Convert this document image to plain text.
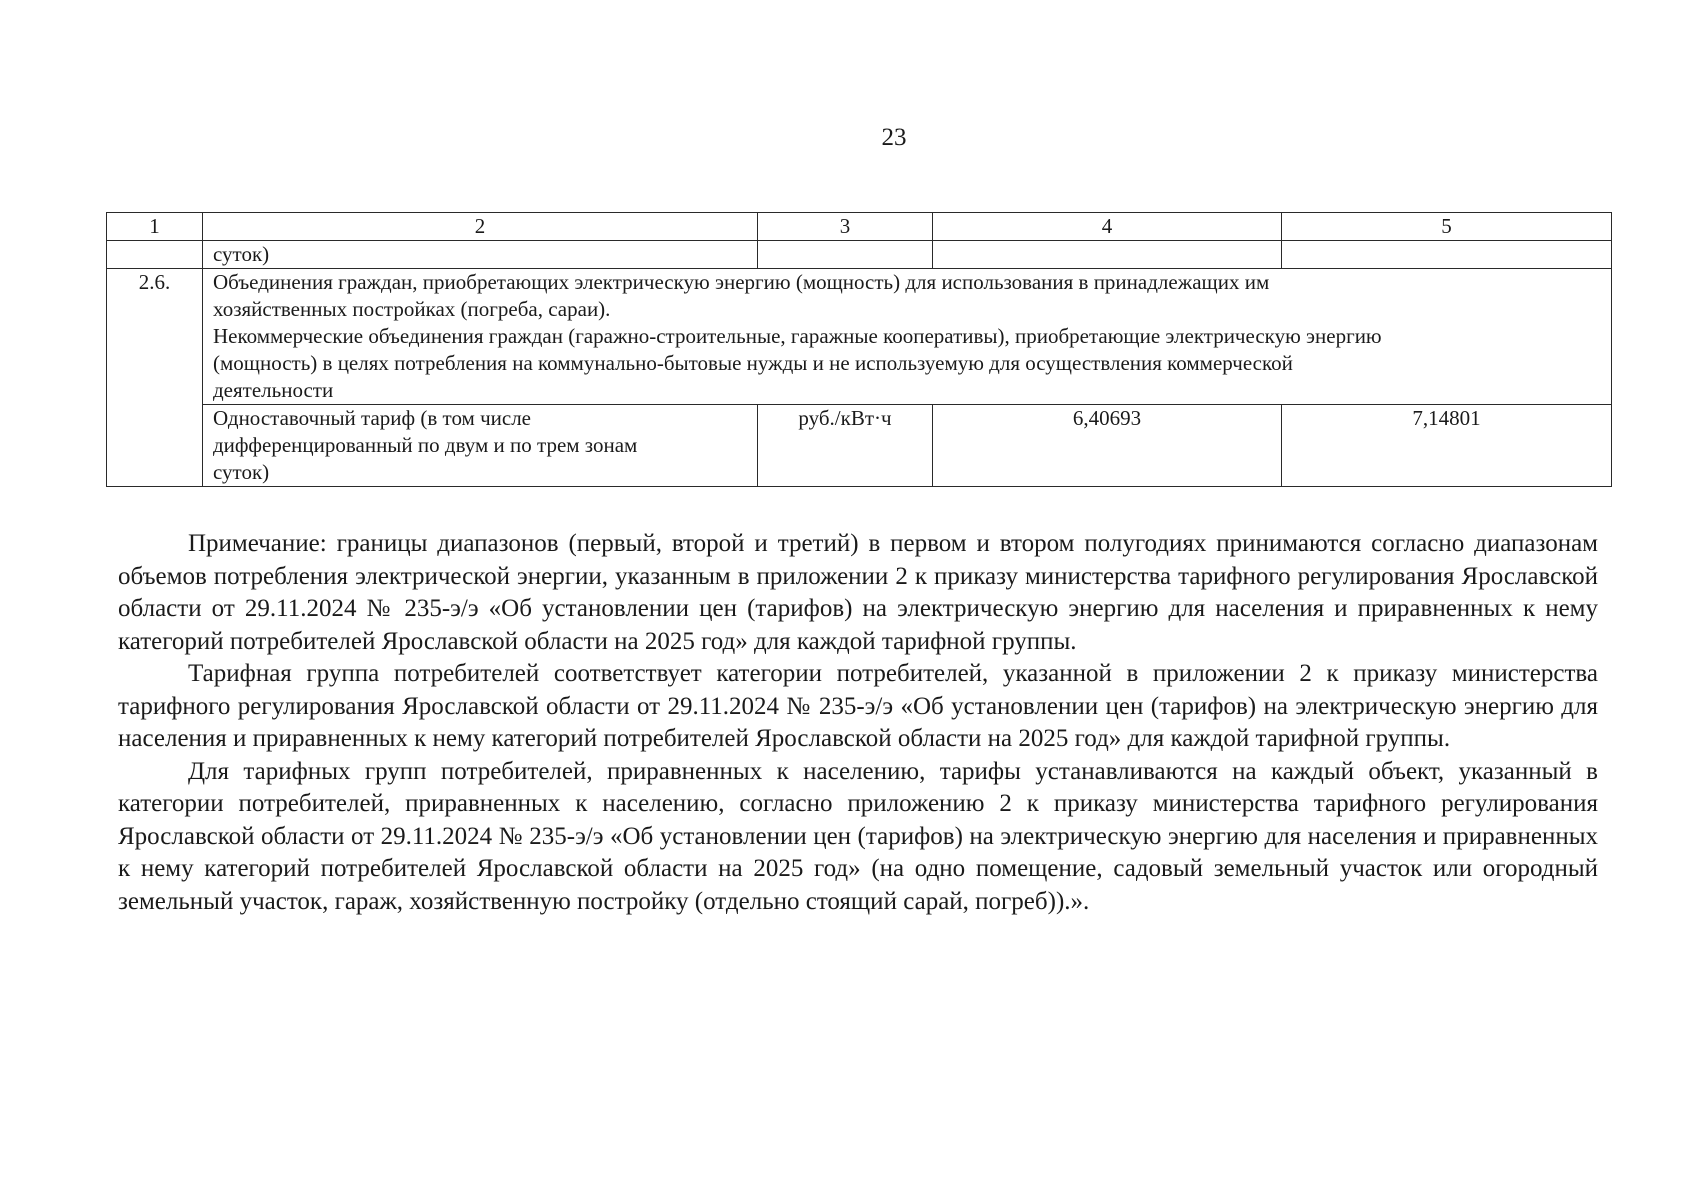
23
1	2	3	4	5
	суток)			
2.6.	Объединения граждан, приобретающих электрическую энергию (мощность) для использования в принадлежащих им
хозяйственных постройках (погреба, сараи).
Некоммерческие объединения граждан (гаражно-строительные, гаражные кооперативы), приобретающие электрическую энергию
(мощность) в целях потребления на коммунально-бытовые нужды и не используемую для осуществления коммерческой
деятельности			
	Одноставочный тариф (в том числе
дифференцированный по двум и по трем зонам
суток)	руб./кВт·ч	6,40693	7,14801

Примечание: границы диапазонов (первый, второй и третий) в первом и втором полугодиях принимаются согласно диапазонам объемов потребления электрической энергии, указанным в приложении 2 к приказу министерства тарифного регулирования Ярославской области от 29.11.2024 № 235-э/э «Об установлении цен (тарифов) на электрическую энергию для населения и приравненных к нему категорий потребителей Ярославской области на 2025 год» для каждой тарифной группы.

Тарифная группа потребителей соответствует категории потребителей, указанной в приложении 2 к приказу министерства тарифного регулирования Ярославской области от 29.11.2024 № 235-э/э «Об установлении цен (тарифов) на электрическую энергию для населения и приравненных к нему категорий потребителей Ярославской области на 2025 год» для каждой тарифной группы.

Для тарифных групп потребителей, приравненных к населению, тарифы устанавливаются на каждый объект, указанный в категории потребителей, приравненных к населению, согласно приложению 2 к приказу министерства тарифного регулирования Ярославской области от 29.11.2024 № 235-э/э «Об установлении цен (тарифов) на электрическую энергию для населения и приравненных к нему категорий потребителей Ярославской области на 2025 год» (на одно помещение, садовый земельный участок или огородный земельный участок, гараж, хозяйственную постройку (отдельно стоящий сарай, погреб)).».
